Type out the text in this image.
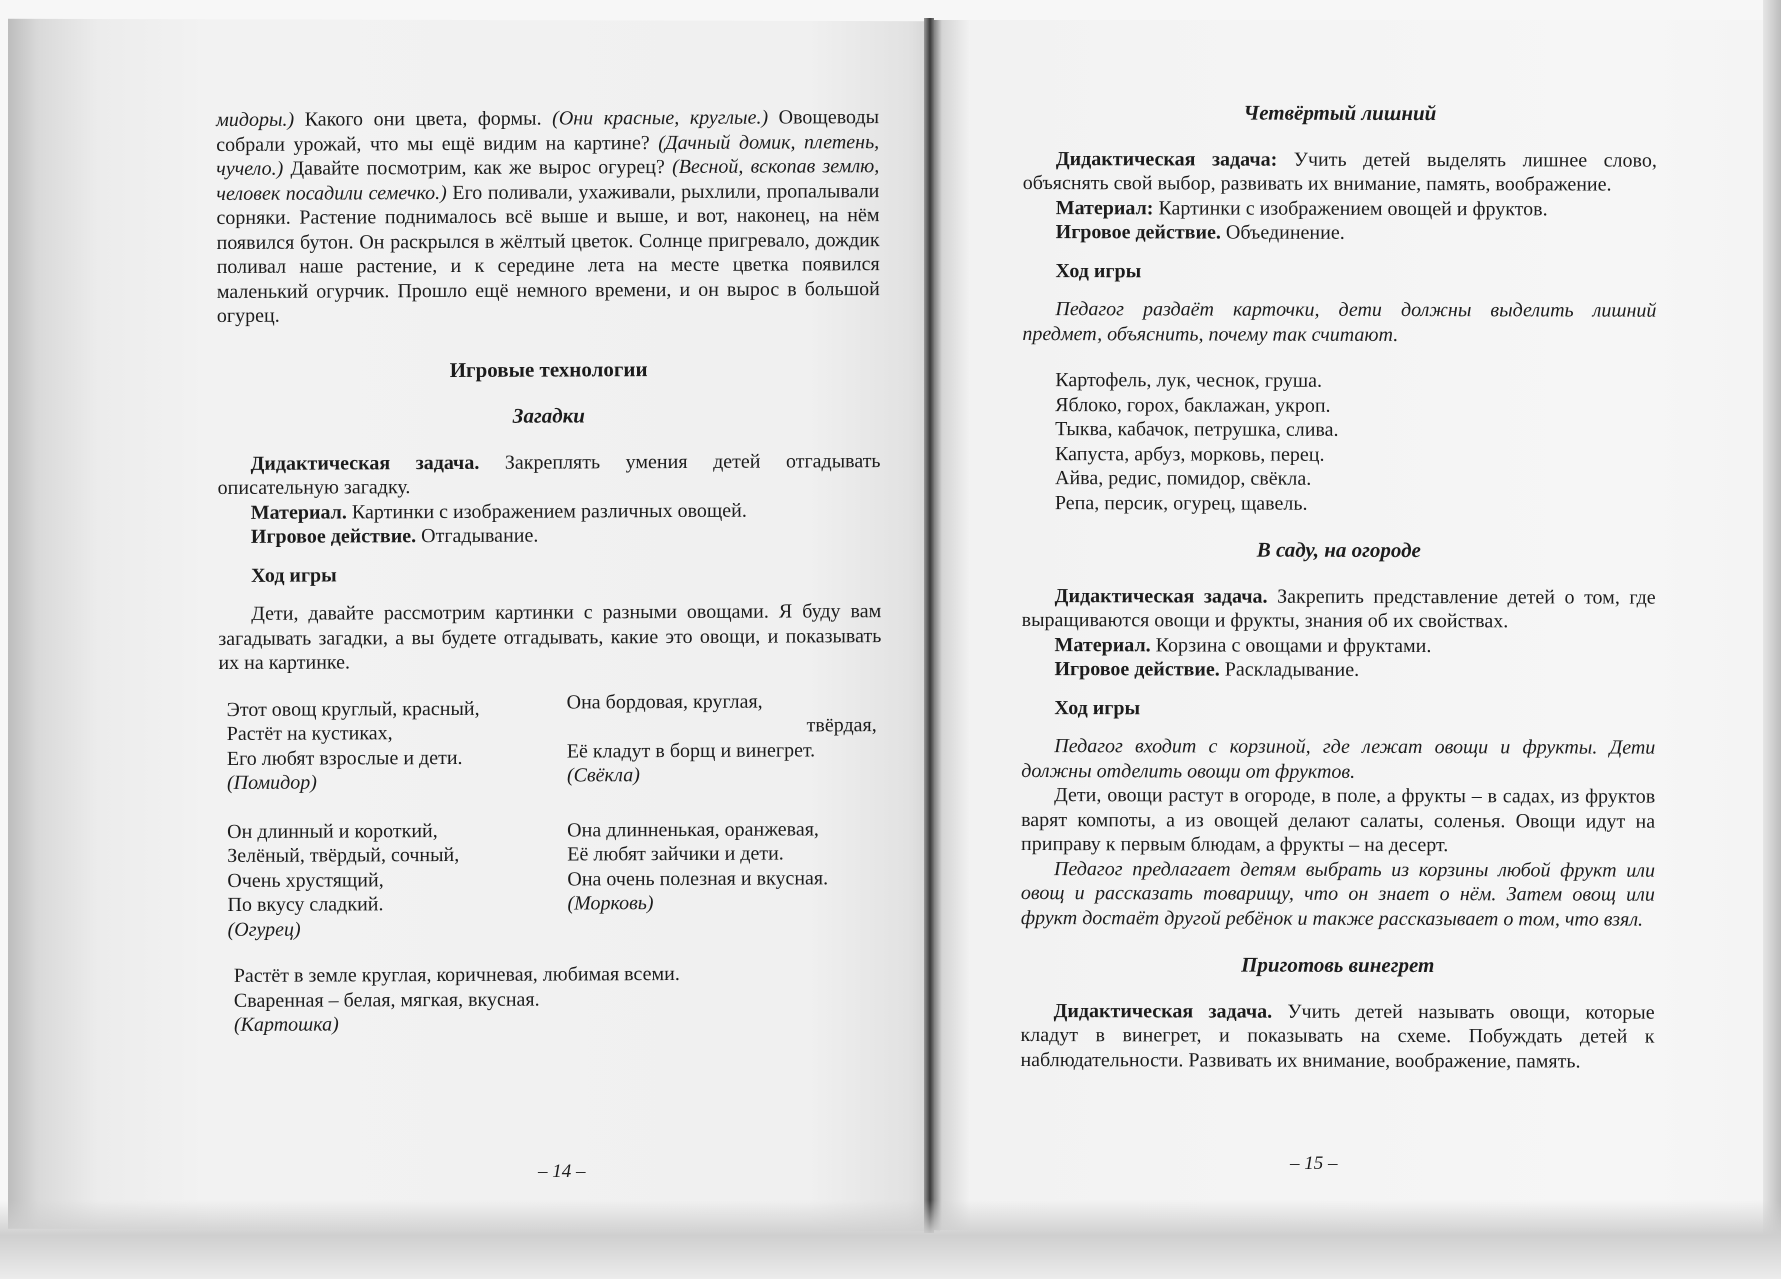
мидоры.) Какого они цвета, формы. (Они красные, круглые.) Овощеводы собрали урожай, что мы ещё видим на картине? (Дачный домик, плетень, чучело.) Давайте посмотрим, как же вырос огурец? (Весной, вскопав землю, человек посадили семечко.) Его поливали, ухаживали, рыхлили, пропалывали сорняки. Растение поднималось всё выше и выше, и вот, наконец, на нём появился бутон. Он раскрылся в жёлтый цветок. Солнце пригревало, дождик поливал наше растение, и к середине лета на месте цветка появился маленький огурчик. Прошло ещё немного времени, и он вырос в большой огурец.

Игровые технологии
Загадки

Дидактическая задача. Закреплять умения детей отгадывать описательную загадку.

Материал. Картинки с изображением различных овощей.

Игровое действие. Отгадывание.

Ход игры

Дети, давайте рассмотрим картинки с разными овощами. Я буду вам загадывать загадки, а вы будете отгадывать, какие это овощи, и показывать их на картинке.

Этот овощ круглый, красный,
Растёт на кустиках,
Его любят взрослые и дети.
(Помидор)
Она бордовая, круглая,
твёрдая,
Её кладут в борщ и винегрет.
(Свёкла)
Он длинный и короткий,
Зелёный, твёрдый, сочный,
Очень хрустящий,
По вкусу сладкий.
(Огурец)
Она длинненькая, оранжевая,
Её любят зайчики и дети.
Она очень полезная и вкусная.
(Морковь)
Растёт в земле круглая, коричневая, любимая всеми.
Сваренная – белая, мягкая, вкусная.
(Картошка)
– 14 –
Четвёртый лишний

Дидактическая задача: Учить детей выделять лишнее слово, объяснять свой выбор, развивать их внимание, память, воображение.

Материал: Картинки с изображением овощей и фруктов.

Игровое действие. Объединение.

Ход игры

Педагог раздаёт карточки, дети должны выделить лишний предмет, объяснить, почему так считают.

Картофель, лук, чеснок, груша.
Яблоко, горох, баклажан, укроп.
Тыква, кабачок, петрушка, слива.
Капуста, арбуз, морковь, перец.
Айва, редис, помидор, свёкла.
Репа, персик, огурец, щавель.
В саду, на огороде

Дидактическая задача. Закрепить представление детей о том, где выращиваются овощи и фрукты, знания об их свойствах.

Материал. Корзина с овощами и фруктами.

Игровое действие. Раскладывание.

Ход игры

Педагог входит с корзиной, где лежат овощи и фрукты. Дети должны отделить овощи от фруктов.

Дети, овощи растут в огороде, в поле, а фрукты – в садах, из фруктов варят компоты, а из овощей делают салаты, соленья. Овощи идут на приправу к первым блюдам, а фрукты – на десерт.

Педагог предлагает детям выбрать из корзины любой фрукт или овощ и рассказать товарищу, что он знает о нём. Затем овощ или фрукт достаёт другой ребёнок и также рассказывает о том, что взял.

Приготовь винегрет

Дидактическая задача. Учить детей называть овощи, которые кладут в винегрет, и показывать на схеме. Побуждать детей к наблюдательности. Развивать их внимание, воображение, память.

– 15 –
